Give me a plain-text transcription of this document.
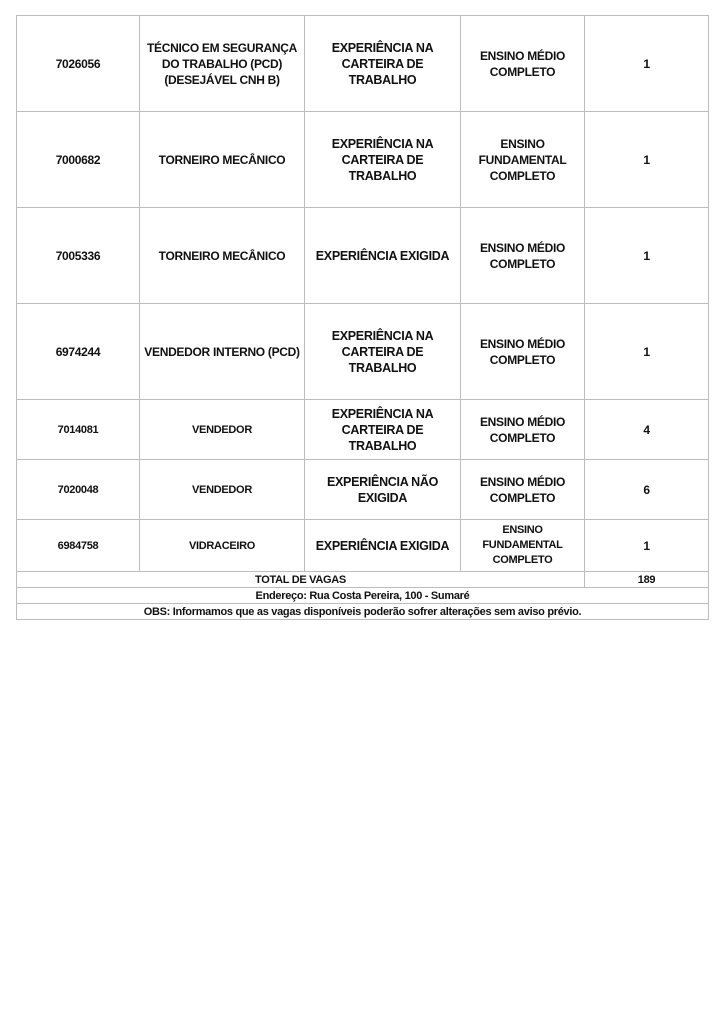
7026056	TÉCNICO EM SEGURANÇA DO TRABALHO (PCD) (DESEJÁVEL CNH B)	EXPERIÊNCIA NA CARTEIRA DE TRABALHO	ENSINO MÉDIO COMPLETO	1
7000682	TORNEIRO MECÂNICO	EXPERIÊNCIA NA CARTEIRA DE TRABALHO	ENSINO FUNDAMENTAL COMPLETO	1
7005336	TORNEIRO MECÂNICO	EXPERIÊNCIA EXIGIDA	ENSINO MÉDIO COMPLETO	1
6974244	VENDEDOR INTERNO (PCD)	EXPERIÊNCIA NA CARTEIRA DE TRABALHO	ENSINO MÉDIO COMPLETO	1
7014081	VENDEDOR	EXPERIÊNCIA NA CARTEIRA DE TRABALHO	ENSINO MÉDIO COMPLETO	4
7020048	VENDEDOR	EXPERIÊNCIA NÃO EXIGIDA	ENSINO MÉDIO COMPLETO	6
6984758	VIDRACEIRO	EXPERIÊNCIA EXIGIDA	ENSINO FUNDAMENTAL COMPLETO	1
TOTAL DE VAGAS				189
Endereço: Rua Costa Pereira, 100 - Sumaré				
OBS: Informamos que as vagas disponíveis poderão sofrer alterações sem aviso prévio.				
